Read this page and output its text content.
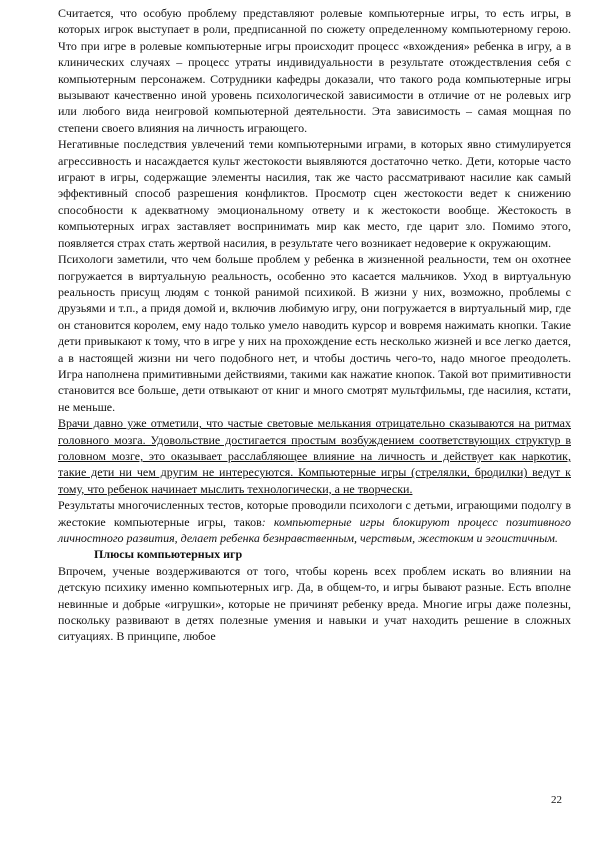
Считается, что особую проблему представляют ролевые компьютерные игры, то есть игры, в которых игрок выступает в роли, предписанной по сюжету определенному компьютерному герою. Что при игре в ролевые компьютерные игры происходит процесс «вхождения» ребенка в игру, а в клинических случаях – процесс утраты индивидуальности в результате отождествления себя с компьютерным персонажем. Сотрудники кафедры доказали, что такого рода компьютерные игры вызывают качественно иной уровень психологической зависимости в отличие от не ролевых игр или любого вида неигровой компьютерной деятельности. Эта зависимость – самая мощная по степени своего влияния на личность играющего.

Негативные последствия увлечений теми компьютерными играми, в которых явно стимулируется агрессивность и насаждается культ жестокости выявляются достаточно четко. Дети, которые часто играют в игры, содержащие элементы насилия, так же часто рассматривают насилие как самый эффективный способ разрешения конфликтов. Просмотр сцен жестокости ведет к снижению способности к адекватному эмоциональному ответу и к жестокости вообще. Жестокость в компьютерных играх заставляет воспринимать мир как место, где царит зло. Помимо этого, появляется страх стать жертвой насилия, в результате чего возникает недоверие к окружающим.

Психологи заметили, что чем больше проблем у ребенка в жизненной реальности, тем он охотнее погружается в виртуальную реальность, особенно это касается мальчиков. Уход в виртуальную реальность присущ людям с тонкой ранимой психикой. В жизни у них, возможно, проблемы с друзьями и т.п., а придя домой и, включив любимую игру, они погружается в виртуальный мир, где он становится королем, ему надо только умело наводить курсор и вовремя нажимать кнопки. Такие дети привыкают к тому, что в игре у них на прохождение есть несколько жизней и все легко дается, а в настоящей жизни ни чего подобного нет, и чтобы достичь чего-то, надо многое преодолеть. Игра наполнена примитивными действиями, такими как нажатие кнопок. Такой вот примитивности становится все больше, дети отвыкают от книг и много смотрят мультфильмы, где насилия, кстати, не меньше.

Врачи давно уже отметили, что частые световые мелькания отрицательно сказываются на ритмах головного мозга. Удовольствие достигается простым возбуждением соответствующих структур в головном мозге, это оказывает расслабляющее влияние на личность и действует как наркотик, такие дети ни чем другим не интересуются. Компьютерные игры (стрелялки, бродилки) ведут к тому, что ребенок начинает мыслить технологически, а не творчески.

Результаты многочисленных тестов, которые проводили психологи с детьми, играющими подолгу в жестокие компьютерные игры, таков: компьютерные игры блокируют процесс позитивного личностного развития, делает ребенка безнравственным, черствым, жестоким и эгоистичным.

Плюсы компьютерных игр

Впрочем, ученые воздерживаются от того, чтобы корень всех проблем искать во влиянии на детскую психику именно компьютерных игр. Да, в общем-то, и игры бывают разные. Есть вполне невинные и добрые «игрушки», которые не причинят ребенку вреда. Многие игры даже полезны, поскольку развивают в детях полезные умения и навыки и учат находить решение в сложных ситуациях. В принципе, любое

22
